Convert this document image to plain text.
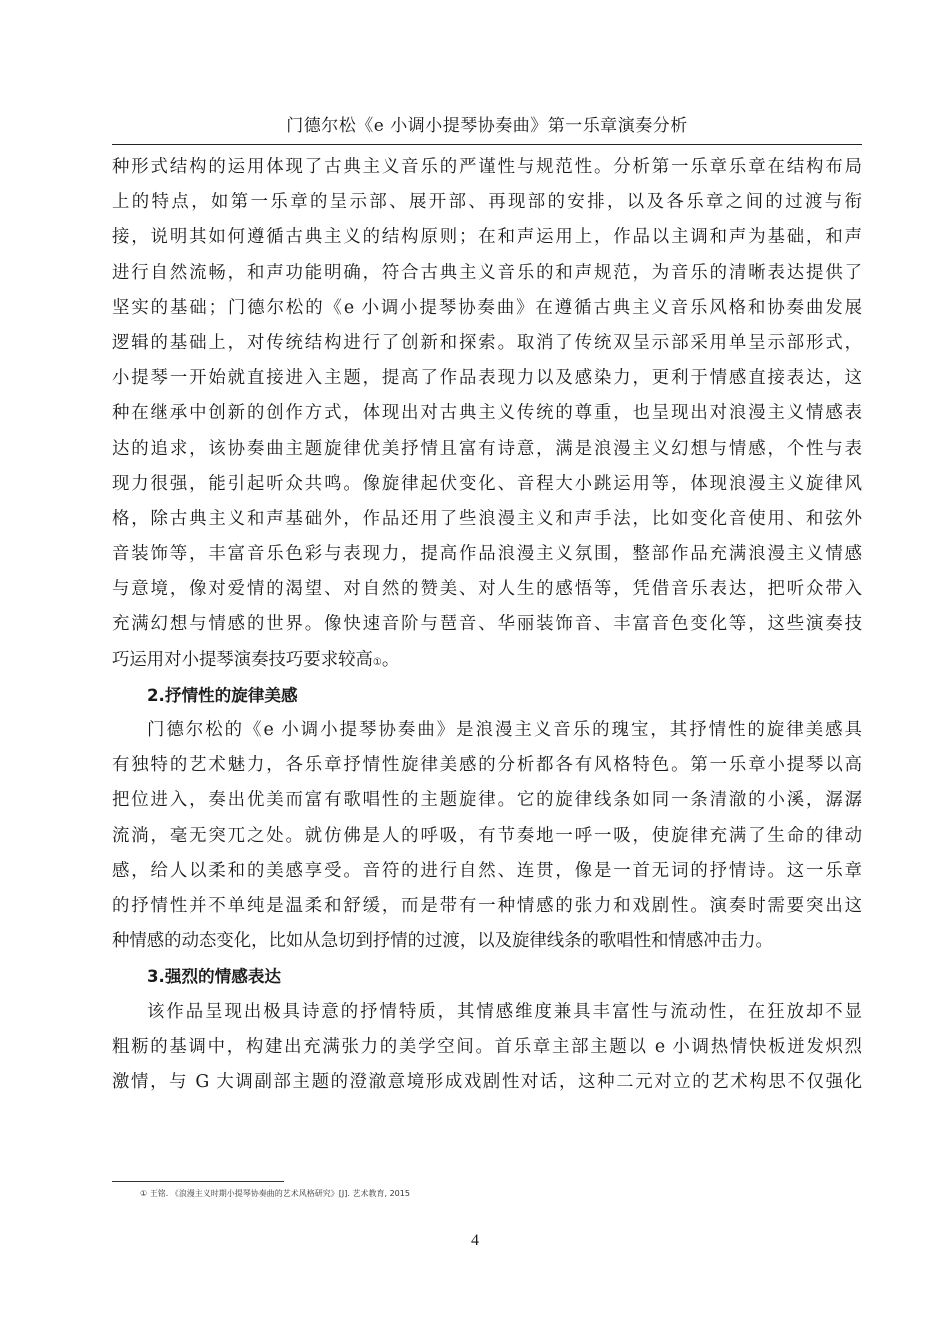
门德尔松《e 小调小提琴协奏曲》第一乐章演奏分析
种形式结构的运用体现了古典主义音乐的严谨性与规范性。分析第一乐章乐章在结构布局
上的特点，如第一乐章的呈示部、展开部、再现部的安排，以及各乐章之间的过渡与衔
接，说明其如何遵循古典主义的结构原则；在和声运用上，作品以主调和声为基础，和声
进行自然流畅，和声功能明确，符合古典主义音乐的和声规范，为音乐的清晰表达提供了
坚实的基础；门德尔松的《e 小调小提琴协奏曲》在遵循古典主义音乐风格和协奏曲发展
逻辑的基础上，对传统结构进行了创新和探索。取消了传统双呈示部采用单呈示部形式，
小提琴一开始就直接进入主题，提高了作品表现力以及感染力，更利于情感直接表达，这
种在继承中创新的创作方式，体现出对古典主义传统的尊重，也呈现出对浪漫主义情感表
达的追求，该协奏曲主题旋律优美抒情且富有诗意，满是浪漫主义幻想与情感，个性与表
现力很强，能引起听众共鸣。像旋律起伏变化、音程大小跳运用等，体现浪漫主义旋律风
格，除古典主义和声基础外，作品还用了些浪漫主义和声手法，比如变化音使用、和弦外
音装饰等，丰富音乐色彩与表现力，提高作品浪漫主义氛围，整部作品充满浪漫主义情感
与意境，像对爱情的渴望、对自然的赞美、对人生的感悟等，凭借音乐表达，把听众带入
充满幻想与情感的世界。像快速音阶与琶音、华丽装饰音、丰富音色变化等，这些演奏技
巧运用对小提琴演奏技巧要求较高①。
2.抒情性的旋律美感
门德尔松的《e 小调小提琴协奏曲》是浪漫主义音乐的瑰宝，其抒情性的旋律美感具
有独特的艺术魅力，各乐章抒情性旋律美感的分析都各有风格特色。第一乐章小提琴以高
把位进入，奏出优美而富有歌唱性的主题旋律。它的旋律线条如同一条清澈的小溪，潺潺
流淌，毫无突兀之处。就仿佛是人的呼吸，有节奏地一呼一吸，使旋律充满了生命的律动
感，给人以柔和的美感享受。音符的进行自然、连贯，像是一首无词的抒情诗。这一乐章
的抒情性并不单纯是温柔和舒缓，而是带有一种情感的张力和戏剧性。演奏时需要突出这
种情感的动态变化，比如从急切到抒情的过渡，以及旋律线条的歌唱性和情感冲击力。
3.强烈的情感表达
该作品呈现出极具诗意的抒情特质，其情感维度兼具丰富性与流动性，在狂放却不显
粗粝的基调中，构建出充满张力的美学空间。首乐章主部主题以 e 小调热情快板迸发炽烈
激情，与 G 大调副部主题的澄澈意境形成戏剧性对话，这种二元对立的艺术构思不仅强化
① 王铭. 《浪漫主义时期小提琴协奏曲的艺术风格研究》[J]. 艺术教育, 2015
4
